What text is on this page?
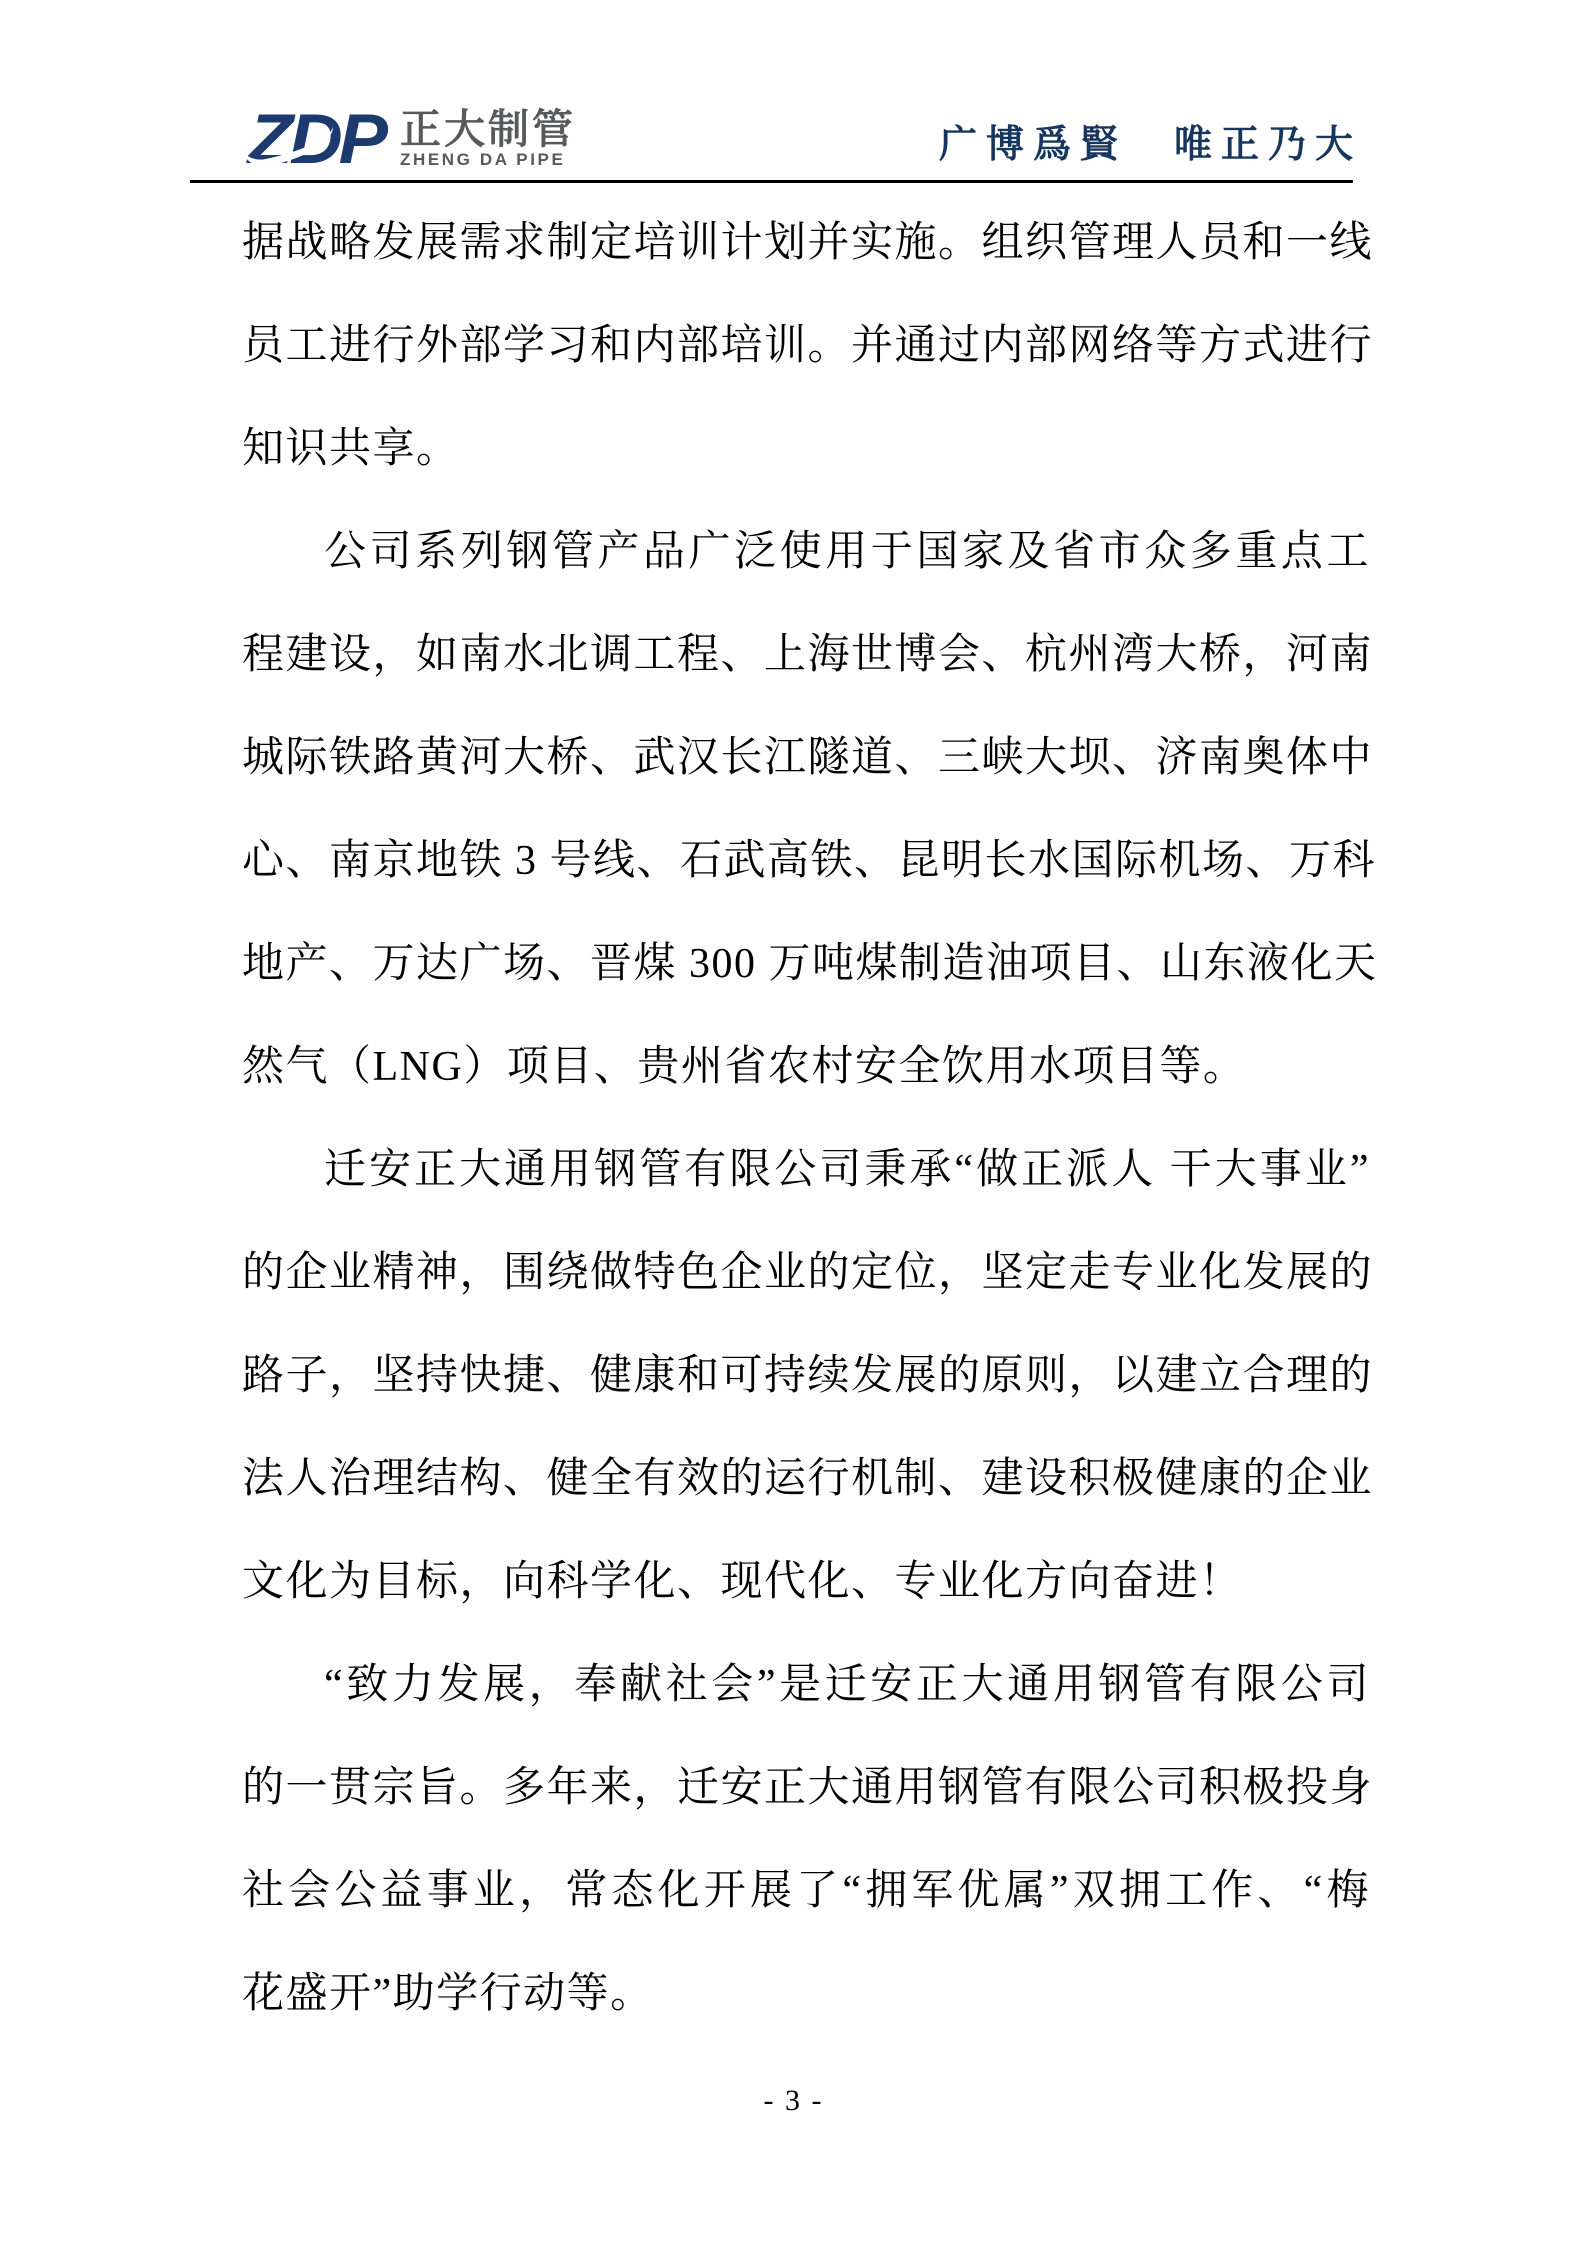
ZDP 正大制管
ZHENG DA PIPE	广博爲賢　唯正乃大
据战略发展需求制定培训计划并实施。组织管理人员和一线
员工进行外部学习和内部培训。并通过内部网络等方式进行
知识共享。
公司系列钢管产品广泛使用于国家及省市众多重点工
程建设，如南水北调工程、上海世博会、杭州湾大桥，河南
城际铁路黄河大桥、武汉长江隧道、三峡大坝、济南奥体中
心、南京地铁 3 号线、石武高铁、昆明长水国际机场、万科
地产、万达广场、晋煤 300 万吨煤制造油项目、山东液化天
然气（LNG）项目、贵州省农村安全饮用水项目等。
迁安正大通用钢管有限公司秉承“做正派人 干大事业”
的企业精神，围绕做特色企业的定位，坚定走专业化发展的
路子，坚持快捷、健康和可持续发展的原则，以建立合理的
法人治理结构、健全有效的运行机制、建设积极健康的企业
文化为目标，向科学化、现代化、专业化方向奋进！
“致力发展，奉献社会”是迁安正大通用钢管有限公司
的一贯宗旨。多年来，迁安正大通用钢管有限公司积极投身
社会公益事业，常态化开展了“拥军优属”双拥工作、“梅
花盛开”助学行动等。
- 3 -
